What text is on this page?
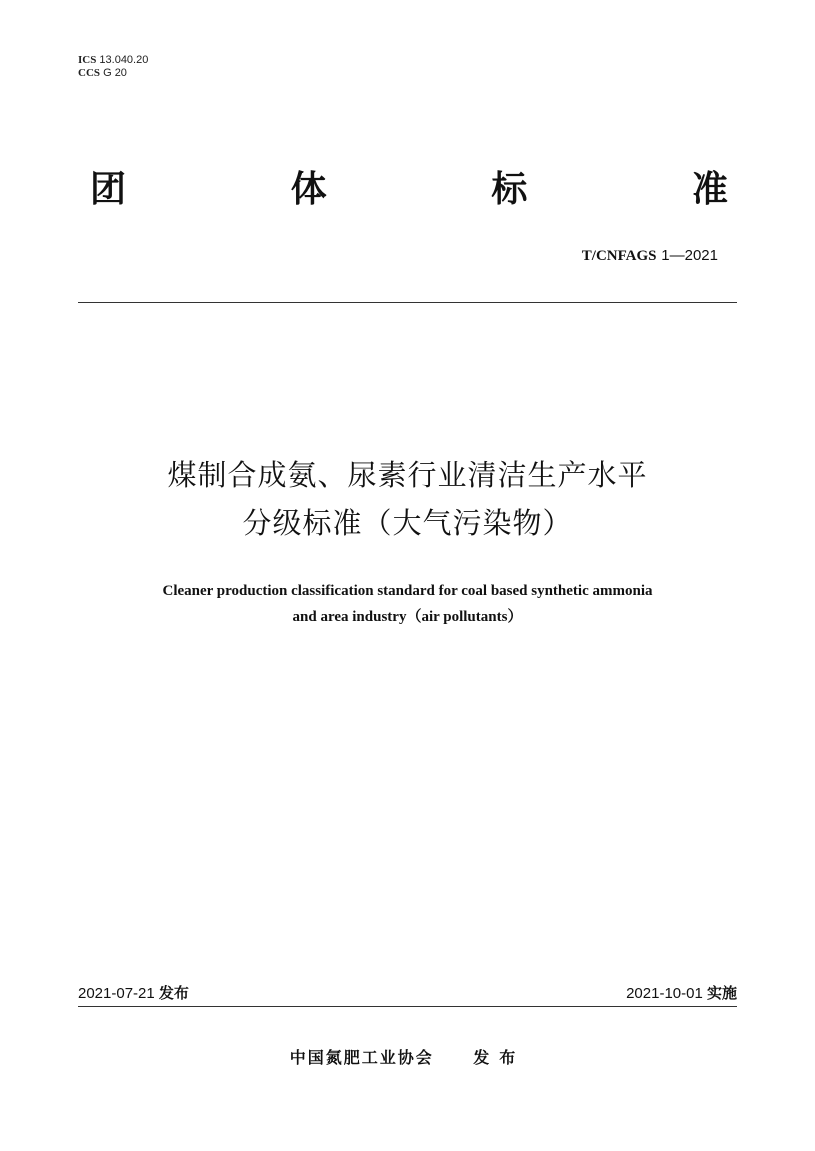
ICS 13.040.20
CCS G 20
团	体	标	准
T/CNFAGS 1—2021
煤制合成氨、尿素行业清洁生产水平
分级标准（大气污染物）
Cleaner production classification standard for coal based synthetic ammonia
and area industry（air pollutants）
2021-07-21 发布	2021-10-01 实施
中国氮肥工业协会 发布
